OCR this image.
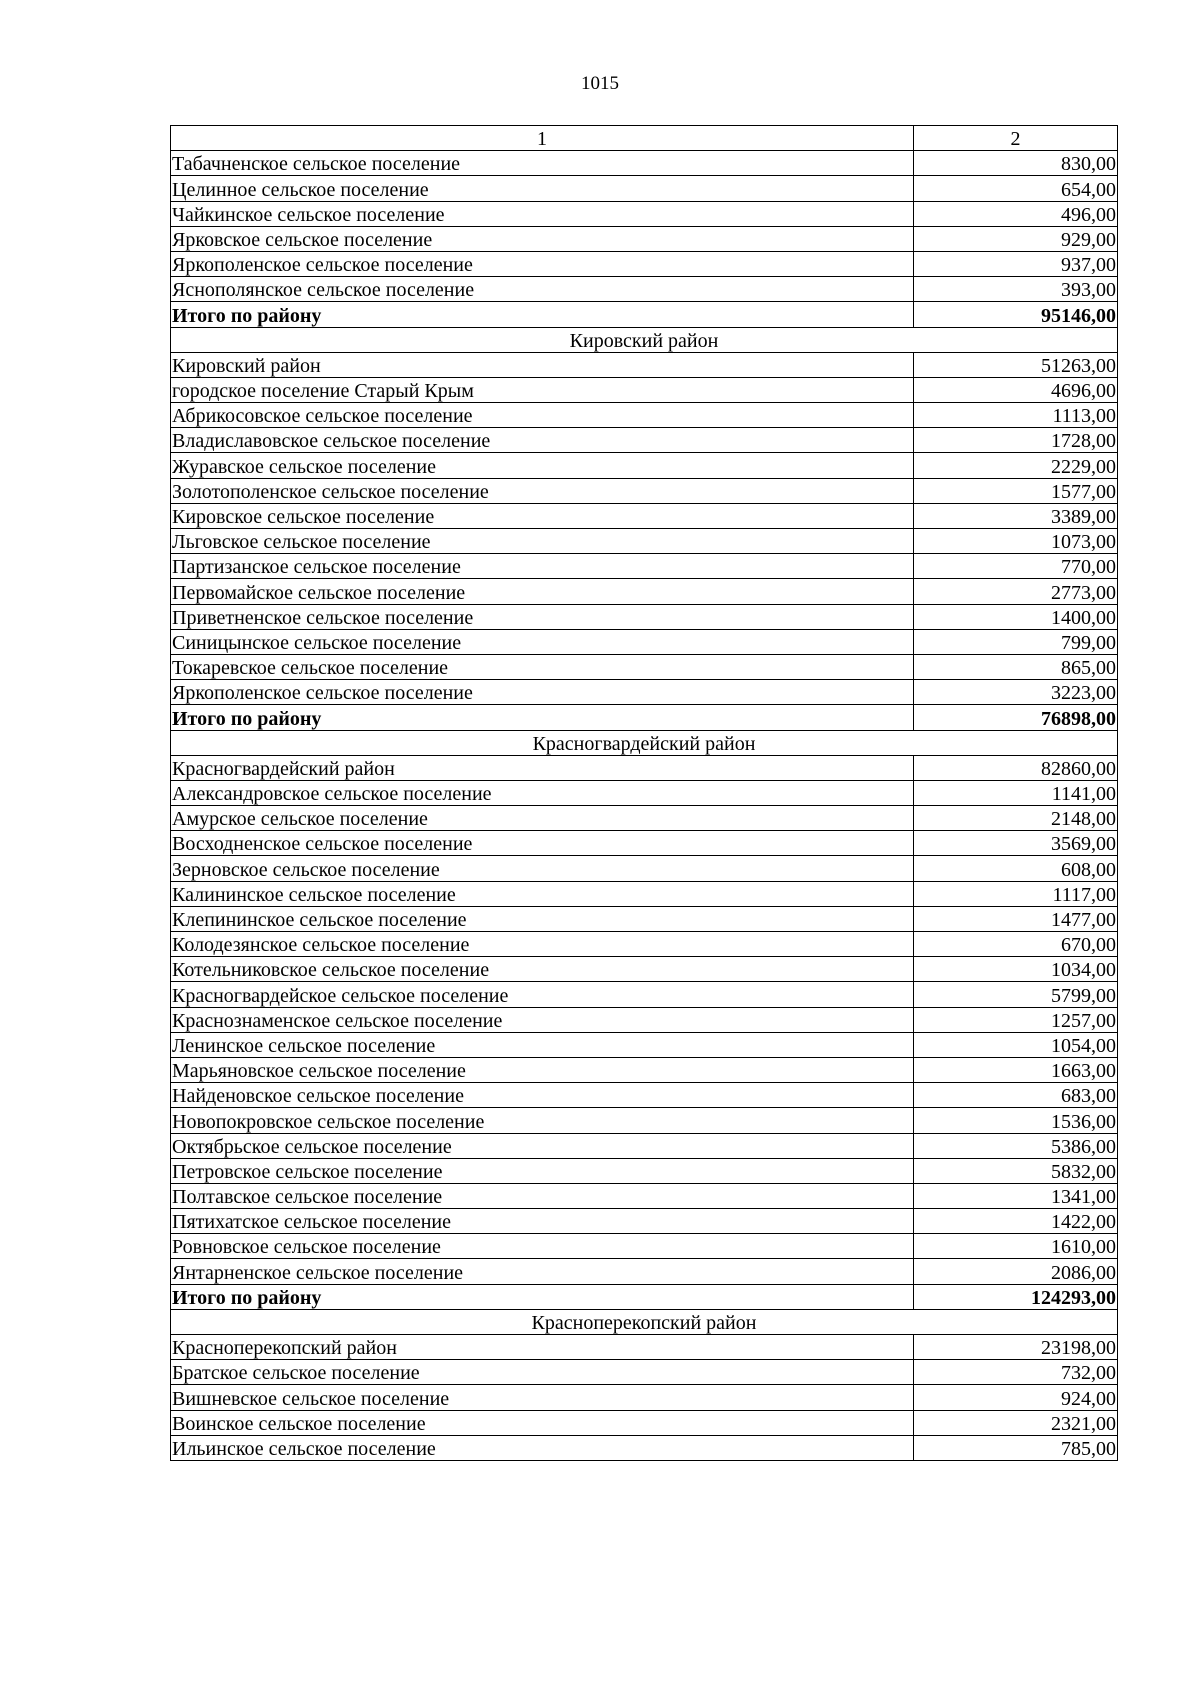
1015
1	2
Табачненское сельское поселение	830,00
Целинное сельское поселение	654,00
Чайкинское сельское поселение	496,00
Ярковское сельское поселение	929,00
Яркополенское сельское поселение	937,00
Яснополянское сельское поселение	393,00
Итого по району	95146,00
Кировский район	
Кировский район	51263,00
городское поселение Старый Крым	4696,00
Абрикосовское сельское поселение	1113,00
Владиславовское сельское поселение	1728,00
Журавское сельское поселение	2229,00
Золотополенское сельское поселение	1577,00
Кировское сельское поселение	3389,00
Льговское сельское поселение	1073,00
Партизанское сельское поселение	770,00
Первомайское сельское поселение	2773,00
Приветненское сельское поселение	1400,00
Синицынское сельское поселение	799,00
Токаревское сельское поселение	865,00
Яркополенское сельское поселение	3223,00
Итого по району	76898,00
Красногвардейский район	
Красногвардейский район	82860,00
Александровское сельское поселение	1141,00
Амурское сельское поселение	2148,00
Восходненское сельское поселение	3569,00
Зерновское сельское поселение	608,00
Калининское сельское поселение	1117,00
Клепининское сельское поселение	1477,00
Колодезянское сельское поселение	670,00
Котельниковское сельское поселение	1034,00
Красногвардейское сельское поселение	5799,00
Краснознаменское сельское поселение	1257,00
Ленинское сельское поселение	1054,00
Марьяновское сельское поселение	1663,00
Найденовское сельское поселение	683,00
Новопокровское сельское поселение	1536,00
Октябрьское сельское поселение	5386,00
Петровское сельское поселение	5832,00
Полтавское сельское поселение	1341,00
Пятихатское сельское поселение	1422,00
Ровновское сельское поселение	1610,00
Янтарненское сельское поселение	2086,00
Итого по району	124293,00
Красноперекопский район	
Красноперекопский район	23198,00
Братское сельское поселение	732,00
Вишневское сельское поселение	924,00
Воинское сельское поселение	2321,00
Ильинское сельское поселение	785,00
